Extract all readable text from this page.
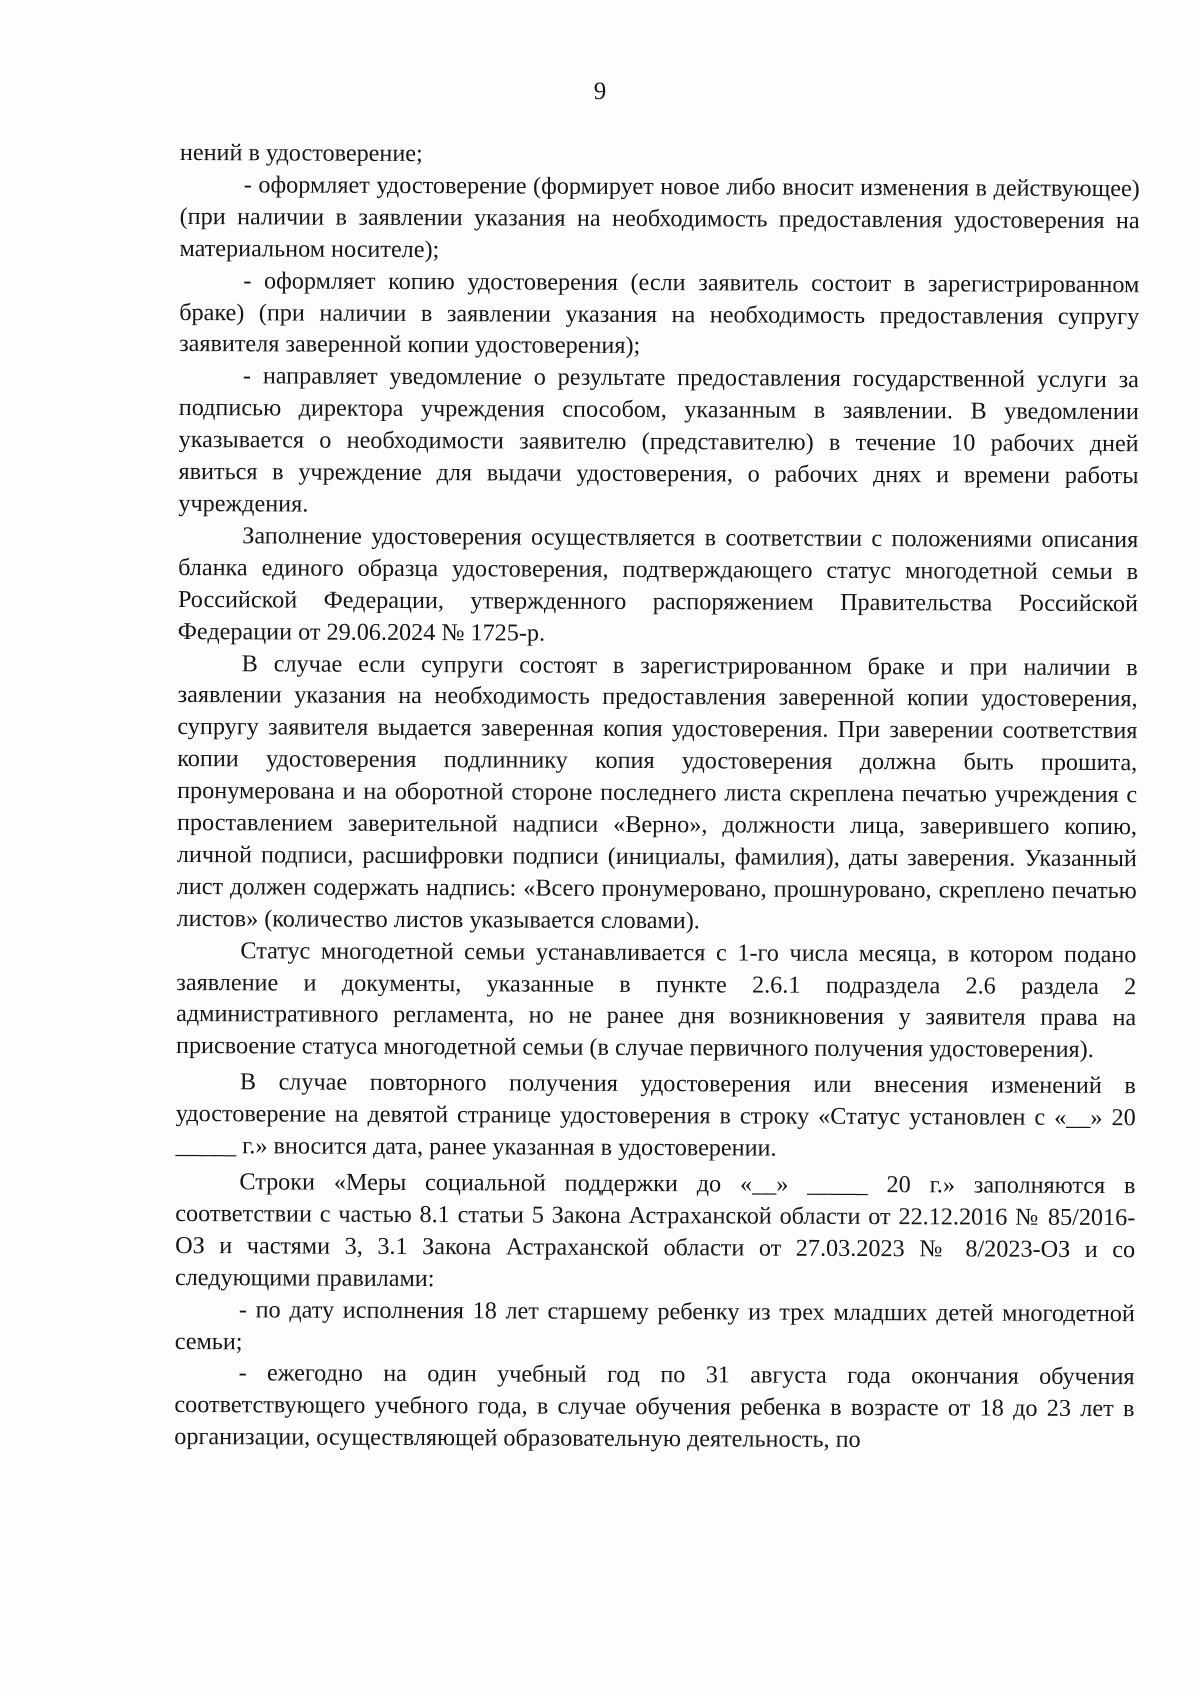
9

нений в удостоверение;

- оформляет удостоверение (формирует новое либо вносит изменения в действующее) (при наличии в заявлении указания на необходимость предоставления удостоверения на материальном носителе);

- оформляет копию удостоверения (если заявитель состоит в зарегистрированном браке) (при наличии в заявлении указания на необходимость предоставления супругу заявителя заверенной копии удостоверения);

- направляет уведомление о результате предоставления государственной услуги за подписью директора учреждения способом, указанным в заявлении. В уведомлении указывается о необходимости заявителю (представителю) в течение 10 рабочих дней явиться в учреждение для выдачи удостоверения, о рабочих днях и времени работы учреждения.

Заполнение удостоверения осуществляется в соответствии с положениями описания бланка единого образца удостоверения, подтверждающего статус многодетной семьи в Российской Федерации, утвержденного распоряжением Правительства Российской Федерации от 29.06.2024 № 1725-р.

В случае если супруги состоят в зарегистрированном браке и при наличии в заявлении указания на необходимость предоставления заверенной копии удостоверения, супругу заявителя выдается заверенная копия удостоверения. При заверении соответствия копии удостоверения подлиннику копия удостоверения должна быть прошита, пронумерована и на оборотной стороне последнего листа скреплена печатью учреждения с проставлением заверительной надписи «Верно», должности лица, заверившего копию, личной подписи, расшифровки подписи (инициалы, фамилия), даты заверения. Указанный лист должен содержать надпись: «Всего пронумеровано, прошнуровано, скреплено печатью листов» (количество листов указывается словами).

Статус многодетной семьи устанавливается с 1-го числа месяца, в котором подано заявление и документы, указанные в пункте 2.6.1 подраздела 2.6 раздела 2 административного регламента, но не ранее дня возникновения у заявителя права на присвоение статуса многодетной семьи (в случае первичного получения удостоверения).

В случае повторного получения удостоверения или внесения изменений в удостоверение на девятой странице удостоверения в строку «Статус установлен с «__» 20 _____ г.» вносится дата, ранее указанная в удостоверении.

Строки «Меры социальной поддержки до «__» _____ 20 г.» заполняются в соответствии с частью 8.1 статьи 5 Закона Астраханской области от 22.12.2016 № 85/2016-ОЗ и частями 3, 3.1 Закона Астраханской области от 27.03.2023 № 8/2023-ОЗ и со следующими правилами:

- по дату исполнения 18 лет старшему ребенку из трех младших детей многодетной семьи;

- ежегодно на один учебный год по 31 августа года окончания обучения соответствующего учебного года, в случае обучения ребенка в возрасте от 18 до 23 лет в организации, осуществляющей образовательную деятельность, по
